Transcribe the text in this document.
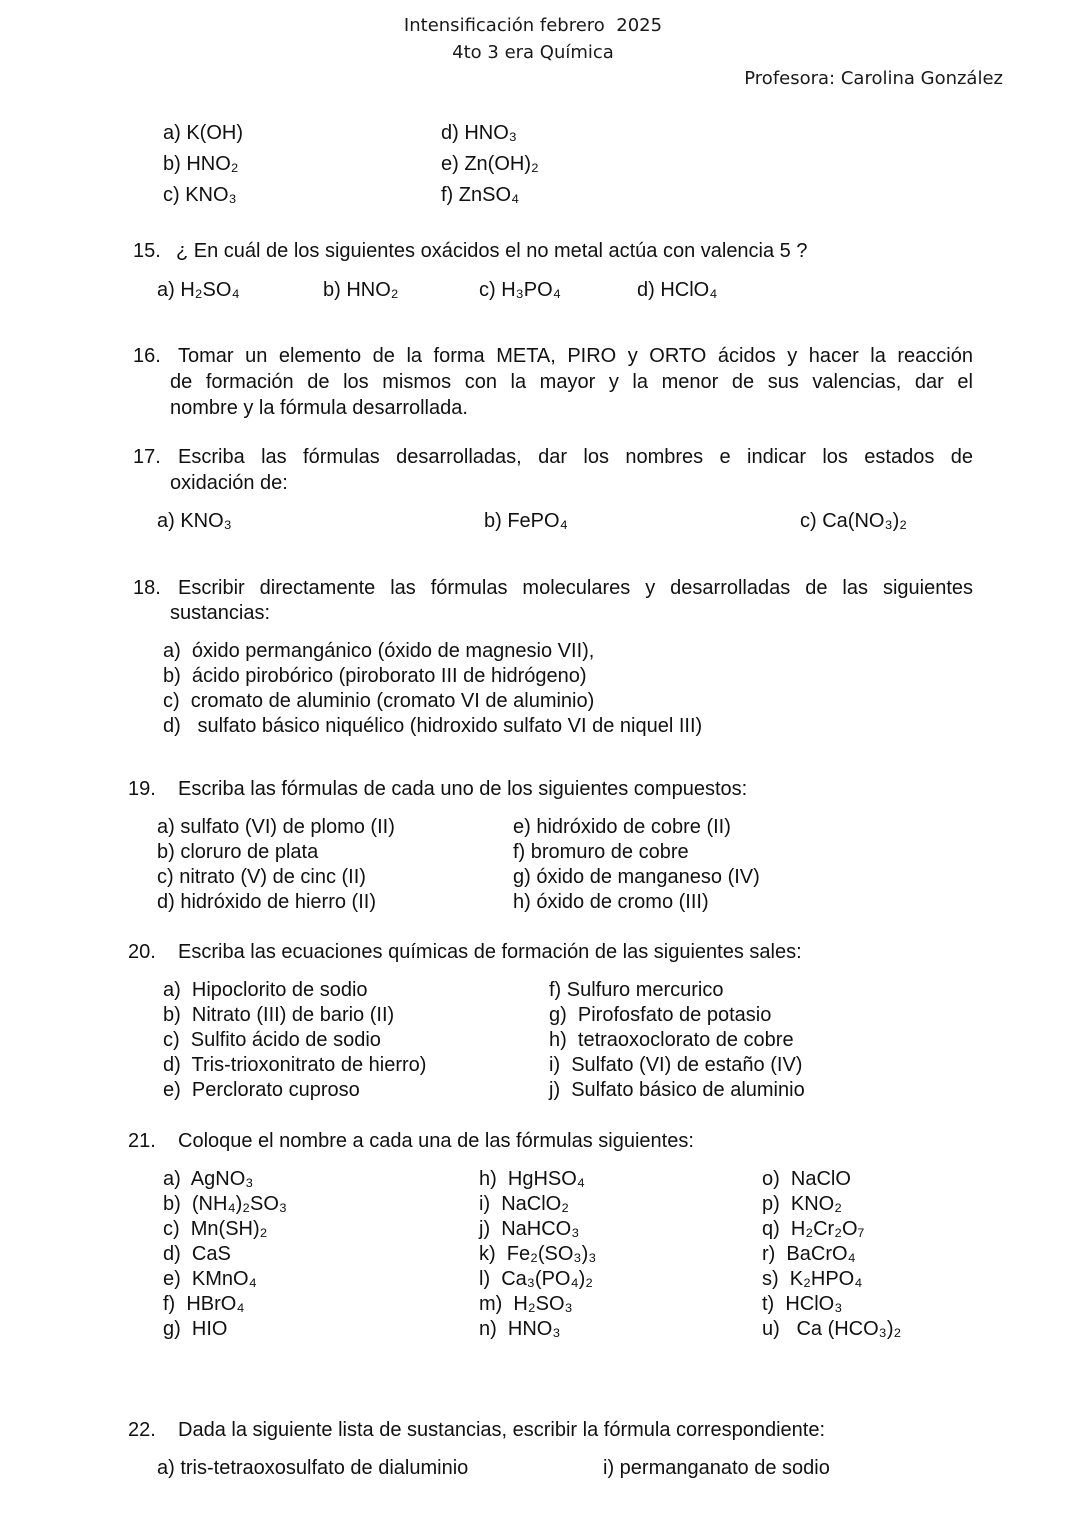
Intensificación febrero  2025
4to 3 era Química
Profesora: Carolina González
a) K(OH)
b) HNO₂
c) KNO₃
d) HNO₃
e) Zn(OH)₂
f) ZnSO₄
15. ¿ En cuál de los siguientes oxácidos el no metal actúa con valencia 5 ?
a) H₂SO₄	b) HNO₂	c) H₃PO₄	d) HClO₄
16. Tomar un elemento de la forma META, PIRO y ORTO ácidos y hacer la reacción
de formación de los mismos con la mayor y la menor de sus valencias, dar el
nombre y la fórmula desarrollada.
17. Escriba las fórmulas desarrolladas, dar los nombres e indicar los estados de
oxidación de:
a) KNO₃	b) FePO₄	c) Ca(NO₃)₂
18. Escribir directamente las fórmulas moleculares y desarrolladas de las siguientes
sustancias:
a)  óxido permangánico (óxido de magnesio VII),
b)  ácido pirobórico (piroborato III de hidrógeno)
c)  cromato de aluminio (cromato VI de aluminio)
d)   sulfato básico niquélico (hidroxido sulfato VI de niquel III)
19. Escriba las fórmulas de cada uno de los siguientes compuestos:
a) sulfato (VI) de plomo (II)
b) cloruro de plata
c) nitrato (V) de cinc (II)
d) hidróxido de hierro (II)
e) hidróxido de cobre (II)
f) bromuro de cobre
g) óxido de manganeso (IV)
h) óxido de cromo (III)
20. Escriba las ecuaciones químicas de formación de las siguientes sales:
a)  Hipoclorito de sodio
b)  Nitrato (III) de bario (II)
c)  Sulfito ácido de sodio
d)  Tris-trioxonitrato de hierro)
e)  Perclorato cuproso
f) Sulfuro mercurico
g)  Pirofosfato de potasio
h)  tetraoxoclorato de cobre
i)  Sulfato (VI) de estaño (IV)
j)  Sulfato básico de aluminio
21. Coloque el nombre a cada una de las fórmulas siguientes:
a)  AgNO₃
b)  (NH₄)₂SO₃
c)  Mn(SH)₂
d)  CaS
e)  KMnO₄
f)  HBrO₄
g)  HIO
h)  HgHSO₄
i)  NaClO₂
j)  NaHCO₃
k)  Fe₂(SO₃)₃
l)  Ca₃(PO₄)₂
m)  H₂SO₃
n)  HNO₃
o)  NaClO
p)  KNO₂
q)  H₂Cr₂O₇
r)  BaCrO₄
s)  K₂HPO₄
t)  HClO₃
u)   Ca (HCO₃)₂
22. Dada la siguiente lista de sustancias, escribir la fórmula correspondiente:
a) tris-tetraoxosulfato de dialuminio	i) permanganato de sodio
